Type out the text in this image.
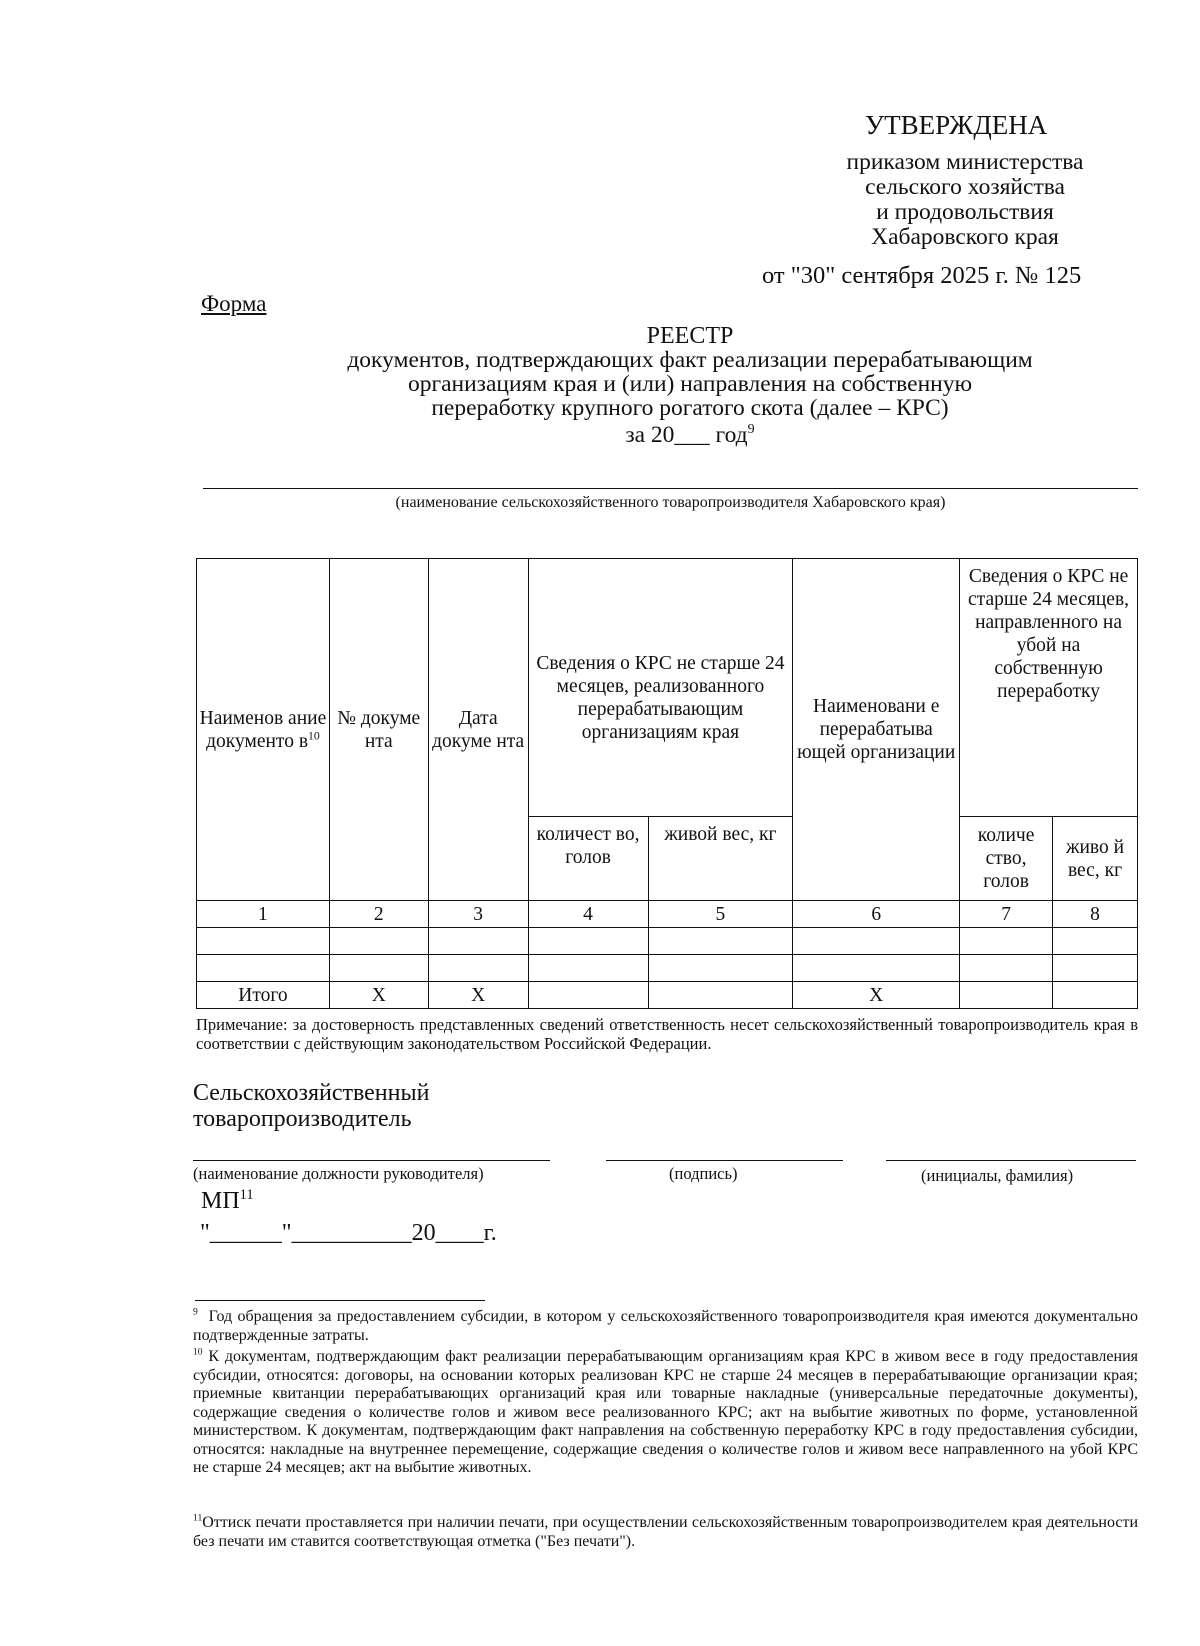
УТВЕРЖДЕНА
приказом министерства
сельского хозяйства
и продовольствия
Хабаровского края
от "30" сентября 2025 г. № 125
Форма
РЕЕСТР
документов, подтверждающих факт реализации перерабатывающим
организациям края и (или) направления на собственную
переработку крупного рогатого скота (далее – КРС)
за 20___ год$^9$
(наименование сельскохозяйственного товаропроизводителя Хабаровского края)
Наименов ание документо $в^{10}$	№ докуме нта	Дата докуме нта	Сведения о КРС не старше 24 месяцев, реализованного перерабатывающим организациям края		Наименовани е перерабатыва ющей организации	Сведения о КРС не старше 24 месяцев, направленного на убой на собственную переработку	
			количест во, голов	живой вес, кг		количе ство, голов	живо й вес, кг
1	2	3	4	5	6	7	8

Итого	Х	Х			Х		
Примечание: за достоверность представленных сведений ответственность несет сельскохозяйственный товаропроизводитель края в соответствии с действующим законодательством Российской Федерации.
Сельскохозяйственный
товаропроизводитель
(наименование должности руководителя)	(подпись)	(инициалы, фамилия)
МП$^{11}$
"______"__________20____г.
$^9$ Год обращения за предоставлением субсидии, в котором у сельскохозяйственного товаропроизводителя края имеются документально подтвержденные затраты.
$^{10}$ К документам, подтверждающим факт реализации перерабатывающим организациям края КРС в живом весе в году предоставления субсидии, относятся: договоры, на основании которых реализован КРС не старше 24 месяцев в перерабатывающие организации края; приемные квитанции перерабатывающих организаций края или товарные накладные (универсальные передаточные документы), содержащие сведения о количестве голов и живом весе реализованного КРС; акт на выбытие животных по форме, установленной министерством. К документам, подтверждающим факт направления на собственную переработку КРС в году предоставления субсидии, относятся: накладные на внутреннее перемещение, содержащие сведения о количестве голов и живом весе направленного на убой КРС не старше 24 месяцев; акт на выбытие животных.
$^{11}$Оттиск печати проставляется при наличии печати, при осуществлении сельскохозяйственным товаропроизводителем края деятельности без печати им ставится соответствующая отметка ("Без печати").
